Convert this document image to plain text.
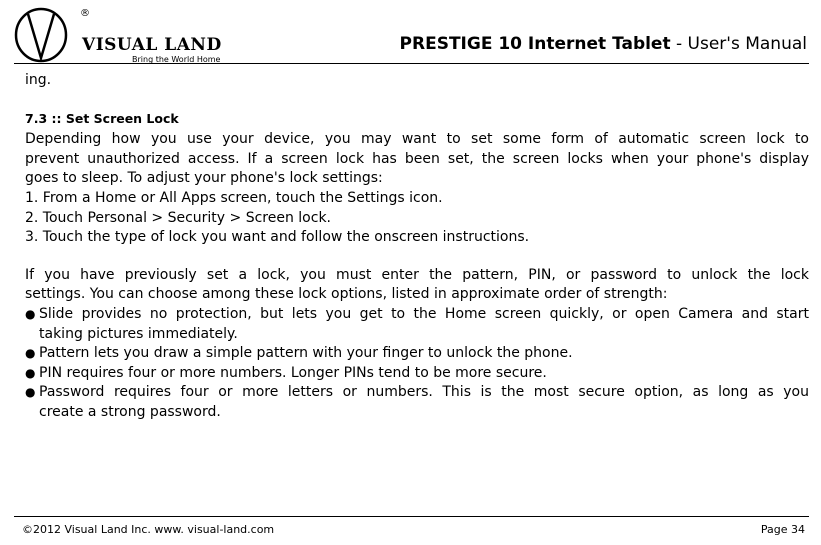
®
VISUAL LAND
Bring the World Home
PRESTIGE 10 Internet Tablet - User's Manual

ing.

7.3 :: Set Screen Lock

Depending how you use your device, you may want to set some form of automatic screen lock to

prevent unauthorized access. If a screen lock has been set, the screen locks when your phone's display

goes to sleep. To adjust your phone's lock settings:

1. From a Home or All Apps screen, touch the Settings icon.

2. Touch Personal > Security > Screen lock.

3. Touch the type of lock you want and follow the onscreen instructions.

If you have previously set a lock, you must enter the pattern, PIN, or password to unlock the lock

settings. You can choose among these lock options, listed in approximate order of strength:

● Slide provides no protection, but lets you get to the Home screen quickly, or open Camera and start

taking pictures immediately.

● Pattern lets you draw a simple pattern with your finger to unlock the phone.

● PIN requires four or more numbers. Longer PINs tend to be more secure.

● Password requires four or more letters or numbers. This is the most secure option, as long as you

create a strong password.

©2012 Visual Land Inc. www. visual-land.com	Page 34
